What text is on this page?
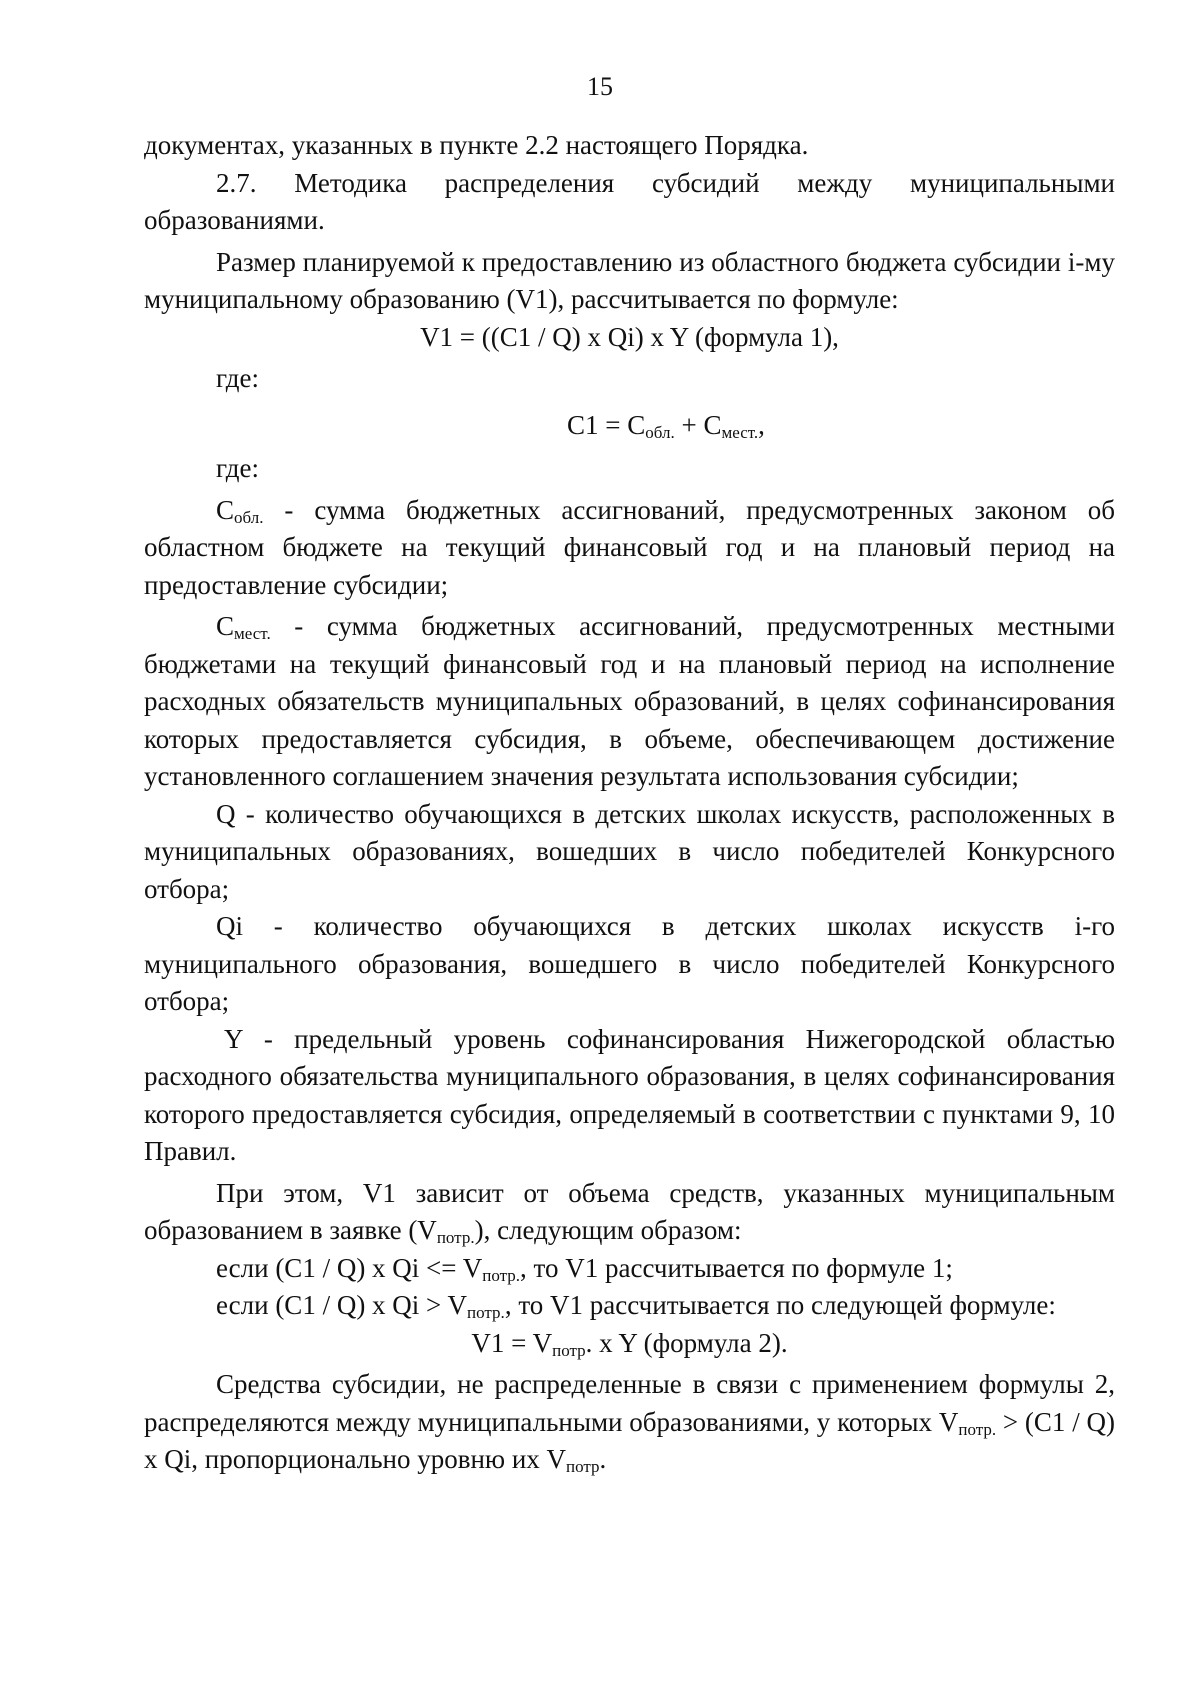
15

документах, указанных в пункте 2.2 настоящего Порядка.

2.7. Методика распределения субсидий между муниципальными образованиями.

Размер планируемой к предоставлению из областного бюджета субсидии i-му муниципальному образованию (V1), рассчитывается по формуле:

V1 = ((C1 / Q) x Qi) x Y (формула 1),

где:

$C1 = C_{обл.} + C_{мест.}$,

где:

$C_{обл.}$ - сумма бюджетных ассигнований, предусмотренных законом об областном бюджете на текущий финансовый год и на плановый период на предоставление субсидии;

$C_{мест.}$ - сумма бюджетных ассигнований, предусмотренных местными бюджетами на текущий финансовый год и на плановый период на исполнение расходных обязательств муниципальных образований, в целях софинансирования которых предоставляется субсидия, в объеме, обеспечивающем достижение установленного соглашением значения результата использования субсидии;

Q - количество обучающихся в детских школах искусств, расположенных в муниципальных образованиях, вошедших в число победителей Конкурсного отбора;

Qi - количество обучающихся в детских школах искусств i-го муниципального образования, вошедшего в число победителей Конкурсного отбора;

Y - предельный уровень софинансирования Нижегородской областью расходного обязательства муниципального образования, в целях софинансирования которого предоставляется субсидия, определяемый в соответствии с пунктами 9, 10 Правил.

При этом, V1 зависит от объема средств, указанных муниципальным образованием в заявке $(V_{потр.})$, следующим образом:

если (C1 / Q) x $Qi <= V_{потр.}$, то V1 рассчитывается по формуле 1;

если (C1 / Q) x $Qi > V_{потр.}$, то V1 рассчитывается по следующей формуле:

$V1 = V_{потр}$. x Y (формула 2).

Средства субсидии, не распределенные в связи с применением формулы 2, распределяются между муниципальными образованиями, у которых $V_{потр.} > (C1 / Q)$ x Qi, пропорционально уровню их $V_{потр}$.
